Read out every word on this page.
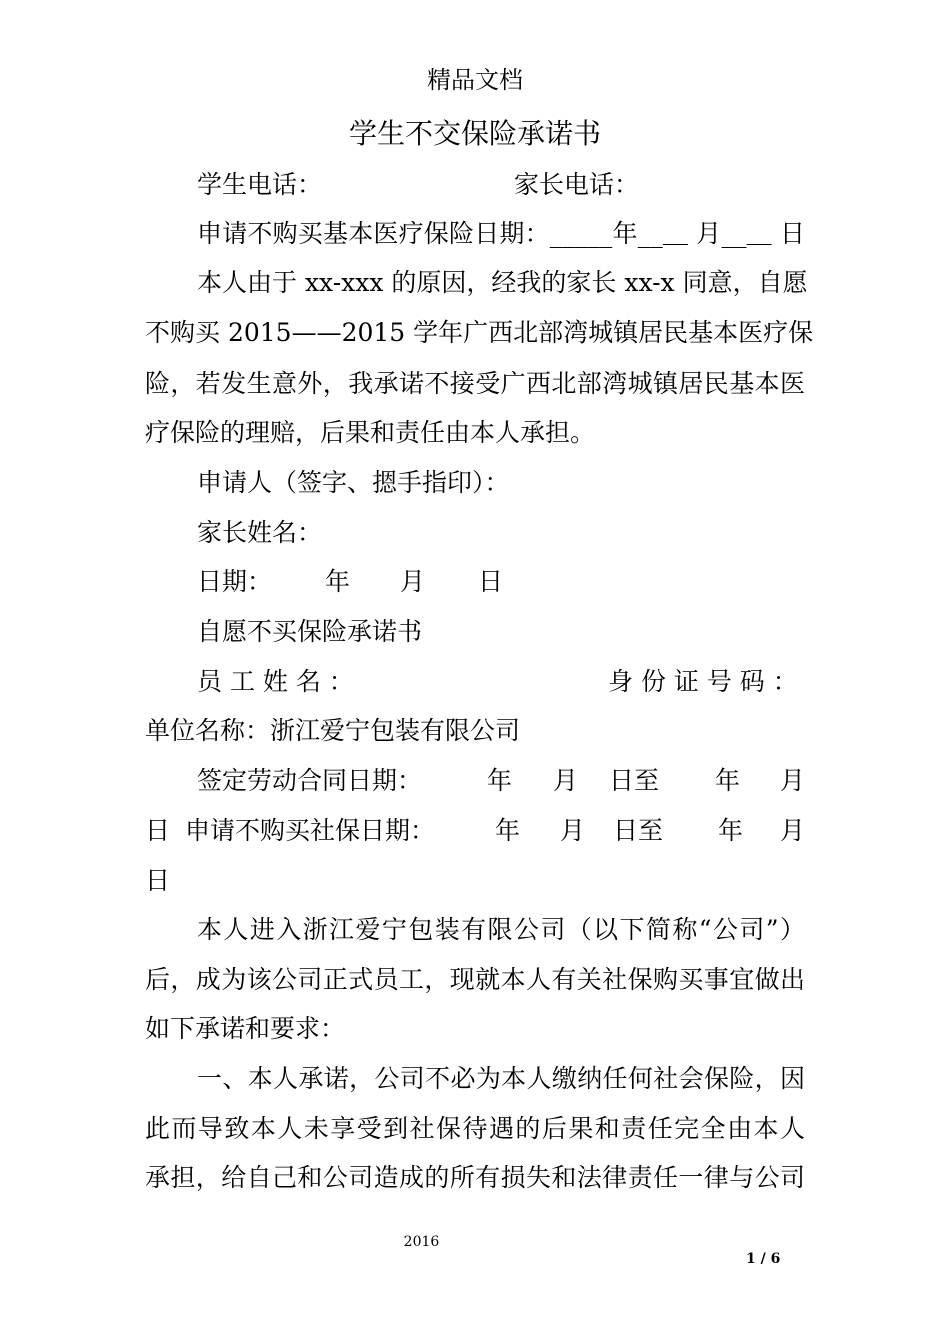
精品文档
学生不交保险承诺书
学生电话：	家长电话：
申请不购买基本医疗保险日期：_____年__＿ 月__＿ 日
本人由于 xx-xxx 的原因，经我的家长 xx-x 同意，自愿
不购买 2015——2015 学年广西北部湾城镇居民基本医疗保
险，若发生意外，我承诺不接受广西北部湾城镇居民基本医
疗保险的理赔，后果和责任由本人承担。
申请人（签字、摁手指印）：
家长姓名：
日期： 年 月 日
自愿不买保险承诺书
员 工 姓 名 ：	身 份 证 号 码 ：
单位名称：浙江爱宁包装有限公司
签定劳动合同日期：	年 月 日至 年 月
日 申请不购买社保日期： 年 月 日至 年 月
日
本人进入浙江爱宁包装有限公司（以下简称“公司”）
后，成为该公司正式员工，现就本人有关社保购买事宜做出
如下承诺和要求：
一、本人承诺，公司不必为本人缴纳任何社会保险，因
此而导致本人未享受到社保待遇的后果和责任完全由本人
承担，给自己和公司造成的所有损失和法律责任一律与公司
2016
1 / 6
